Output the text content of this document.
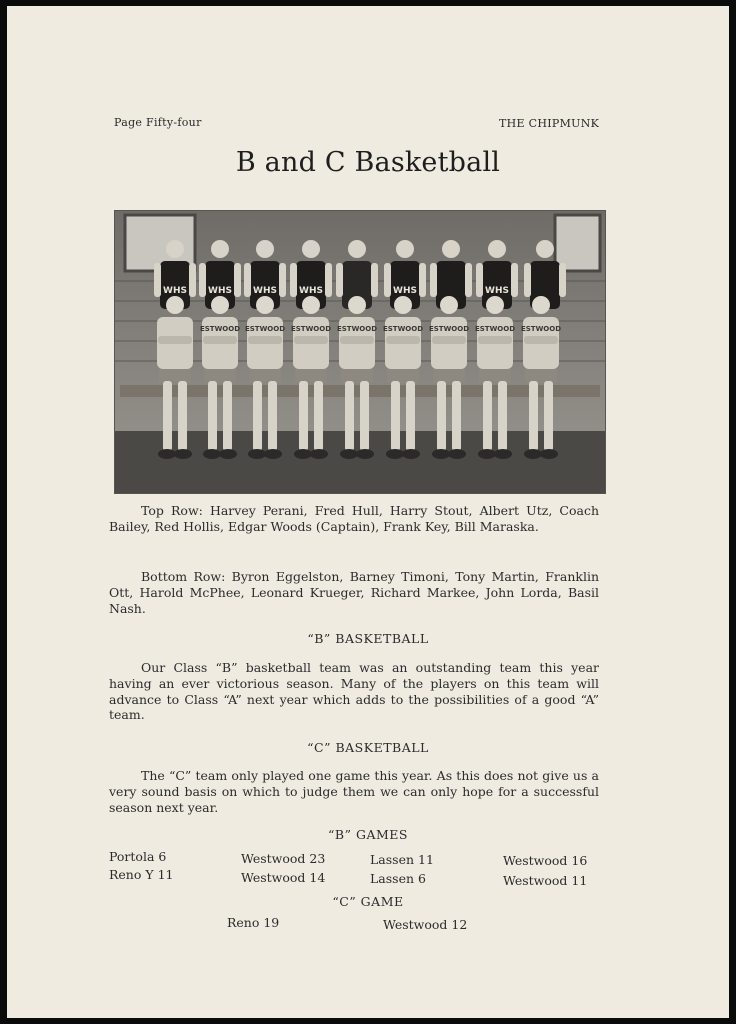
Page Fifty-four	THE CHIPMUNK
B and C Basketball
WHS WHS WHS WHS	WHS	WHS
ESTWOOD ESTWOOD ESTWOOD ESTWOOD ESTWOOD ESTWOOD ESTWOOD ESTWOOD

Top Row: Harvey Perani, Fred Hull, Harry Stout, Albert Utz, Coach Bailey, Red Hollis, Edgar Woods (Captain), Frank Key, Bill Maraska.

Bottom Row: Byron Eggelston, Barney Timoni, Tony Martin, Franklin Ott, Harold McPhee, Leonard Krueger, Richard Markee, John Lorda, Basil Nash.

“B” BASKETBALL

Our Class “B” basketball team was an outstanding team this year having an ever victorious season. Many of the players on this team will advance to Class “A” next year which adds to the possibilities of a good “A” team.

“C” BASKETBALL

The “C” team only played one game this year. As this does not give us a very sound basis on which to judge them we can only hope for a successful season next year.

“B” GAMES
Portola 6	Westwood 23	Lassen 11	Westwood 16
Reno Y 11	Westwood 14	Lassen 6	Westwood 11
“C” GAME
Reno 19	Westwood 12
